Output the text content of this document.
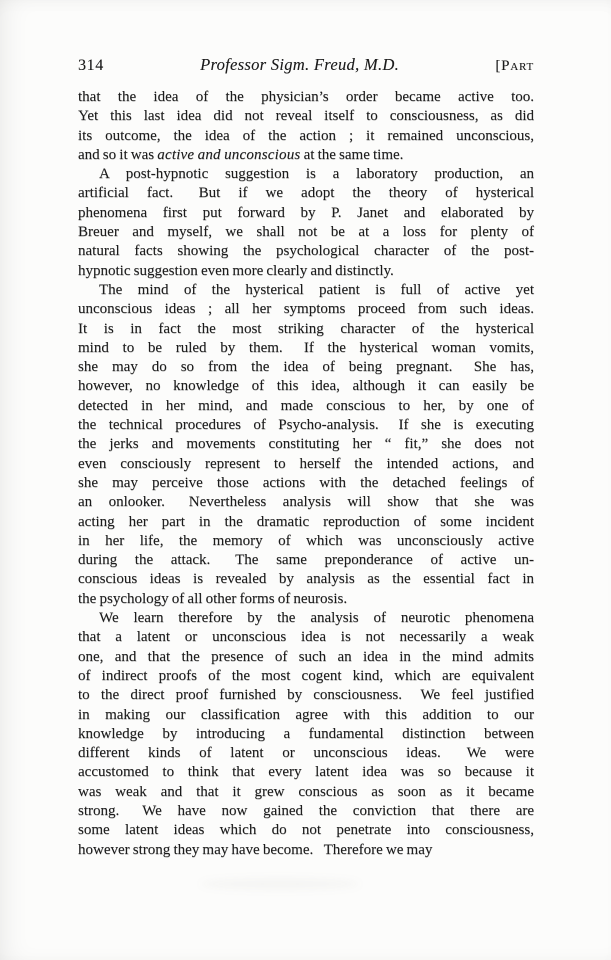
314	Professor Sigm. Freud, M.D.	[Part
that the idea of the physician’s order became active too.
Yet this last idea did not reveal itself to consciousness, as did
its outcome, the idea of the action ; it remained unconscious,
and so it was active and unconscious at the same time.
A post-hypnotic suggestion is a laboratory production, an
artificial fact.  But if we adopt the theory of hysterical
phenomena first put forward by P. Janet and elaborated by
Breuer and myself, we shall not be at a loss for plenty of
natural facts showing the psychological character of the post-
hypnotic suggestion even more clearly and distinctly.
The mind of the hysterical patient is full of active yet
unconscious ideas ; all her symptoms proceed from such ideas.
It is in fact the most striking character of the hysterical
mind to be ruled by them.  If the hysterical woman vomits,
she may do so from the idea of being pregnant.  She has,
however, no knowledge of this idea, although it can easily be
detected in her mind, and made conscious to her, by one of
the technical procedures of Psycho-analysis.  If she is executing
the jerks and movements constituting her “ fit,” she does not
even consciously represent to herself the intended actions, and
she may perceive those actions with the detached feelings of
an onlooker.  Nevertheless analysis will show that she was
acting her part in the dramatic reproduction of some incident
in her life, the memory of which was unconsciously active
during the attack.  The same preponderance of active un-
conscious ideas is revealed by analysis as the essential fact in
the psychology of all other forms of neurosis.
We learn therefore by the analysis of neurotic phenomena
that a latent or unconscious idea is not necessarily a weak
one, and that the presence of such an idea in the mind admits
of indirect proofs of the most cogent kind, which are equivalent
to the direct proof furnished by consciousness.  We feel justified
in making our classification agree with this addition to our
knowledge by introducing a fundamental distinction between
different kinds of latent or unconscious ideas.  We were
accustomed to think that every latent idea was so because it
was weak and that it grew conscious as soon as it became
strong.  We have now gained the conviction that there are
some latent ideas which do not penetrate into consciousness,
however strong they may have become.  Therefore we may
